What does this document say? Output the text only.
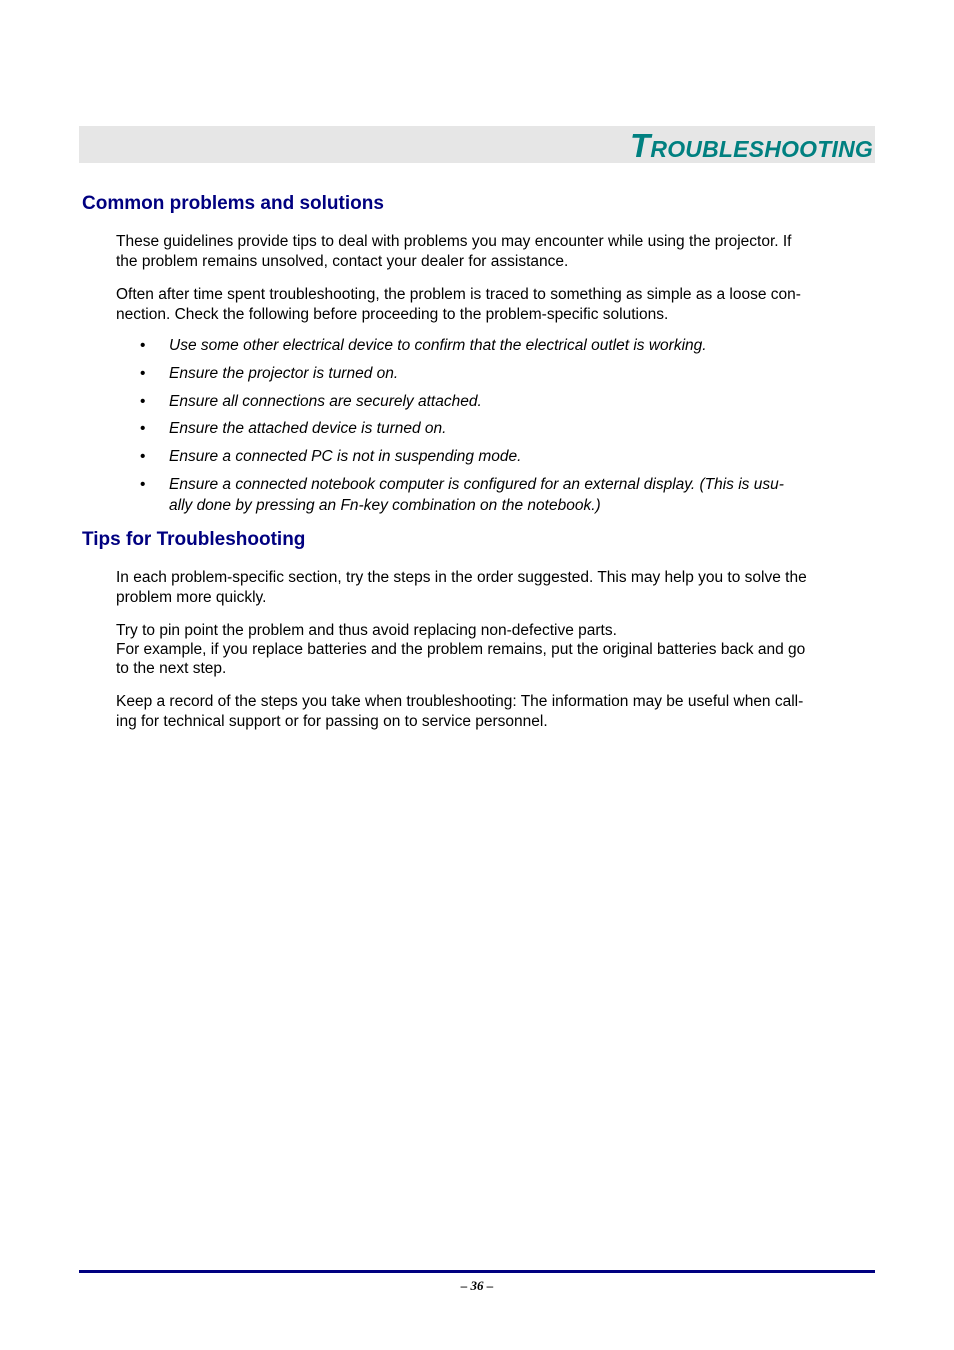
Troubleshooting
Common problems and solutions

These guidelines provide tips to deal with problems you may encounter while using the projector. If
the problem remains unsolved, contact your dealer for assistance.

Often after time spent troubleshooting, the problem is traced to something as simple as a loose con-
nection. Check the following before proceeding to the problem-specific solutions.

•	Use some other electrical device to confirm that the electrical outlet is working.
•	Ensure the projector is turned on.
•	Ensure all connections are securely attached.
•	Ensure the attached device is turned on.
•	Ensure a connected PC is not in suspending mode.
•	Ensure a connected notebook computer is configured for an external display. (This is usu-
ally done by pressing an Fn-key combination on the notebook.)
Tips for Troubleshooting

In each problem-specific section, try the steps in the order suggested. This may help you to solve the
problem more quickly.

Try to pin point the problem and thus avoid replacing non-defective parts.
For example, if you replace batteries and the problem remains, put the original batteries back and go
to the next step.

Keep a record of the steps you take when troubleshooting: The information may be useful when call-
ing for technical support or for passing on to service personnel.

– 36 –
